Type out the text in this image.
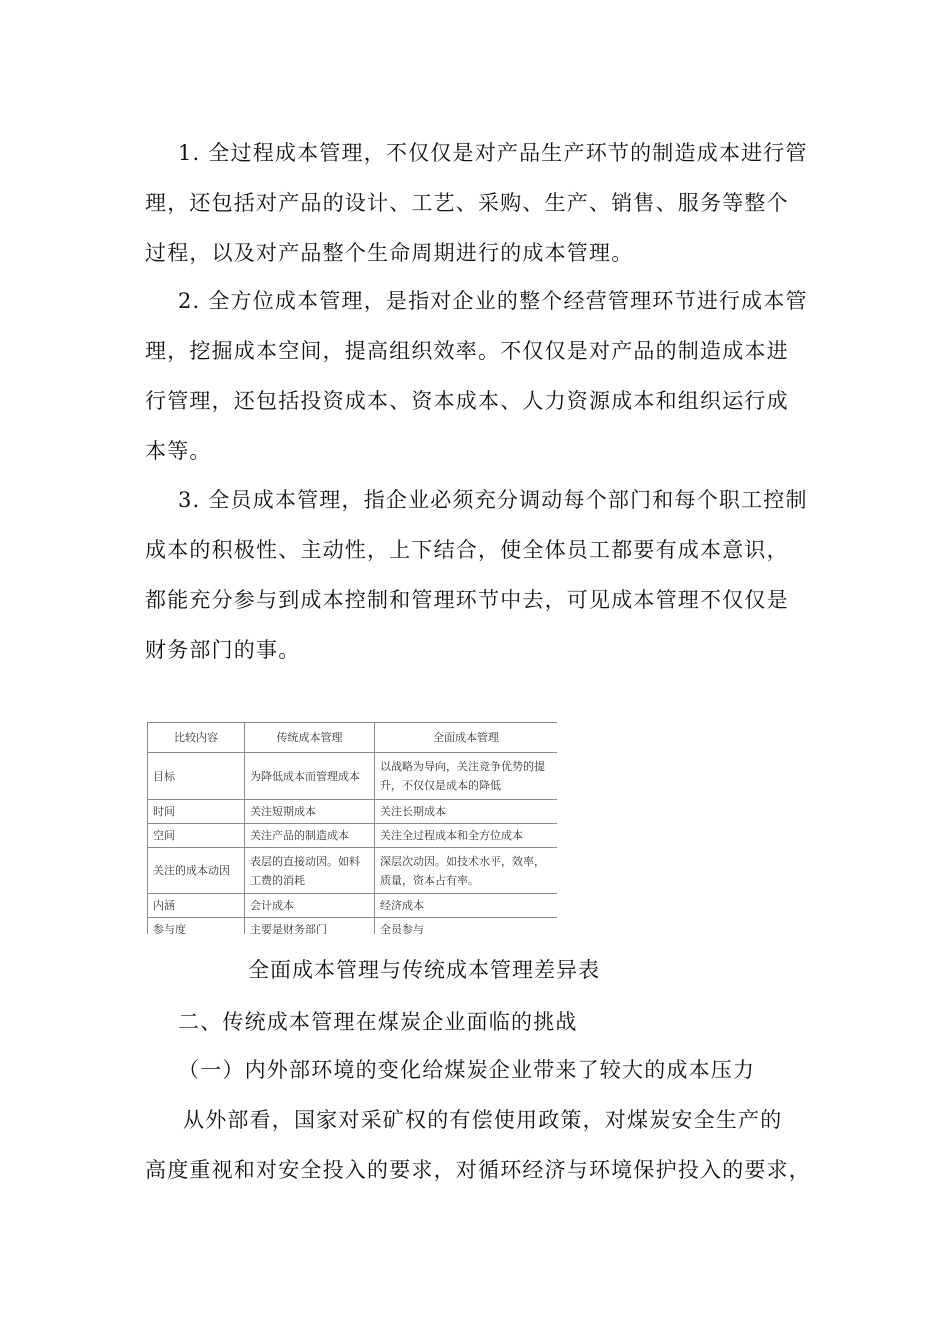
1. 全过程成本管理，不仅仅是对产品生产环节的制造成本进行管
理，还包括对产品的设计、工艺、采购、生产、销售、服务等整个
过程，以及对产品整个生命周期进行的成本管理。
2. 全方位成本管理，是指对企业的整个经营管理环节进行成本管
理，挖掘成本空间，提高组织效率。不仅仅是对产品的制造成本进
行管理，还包括投资成本、资本成本、人力资源成本和组织运行成
本等。
3. 全员成本管理，指企业必须充分调动每个部门和每个职工控制
成本的积极性、主动性，上下结合，使全体员工都要有成本意识，
都能充分参与到成本控制和管理环节中去，可见成本管理不仅仅是
财务部门的事。
比较内容	传统成本管理	全面成本管理
目标	为降低成本而管理成本	以战略为导向，关注竞争优势的提升，不仅仅是成本的降低
时间	关注短期成本	关注长期成本
空间	关注产品的制造成本	关注全过程成本和全方位成本
关注的成本动因	表层的直接动因。如料工费的消耗	深层次动因。如技术水平，效率，质量，资本占有率。
内涵	会计成本	经济成本
参与度	主要是财务部门	全员参与

全面成本管理与传统成本管理差异表

二、传统成本管理在煤炭企业面临的挑战

（一）内外部环境的变化给煤炭企业带来了较大的成本压力

从外部看，国家对采矿权的有偿使用政策，对煤炭安全生产的
高度重视和对安全投入的要求，对循环经济与环境保护投入的要求，
